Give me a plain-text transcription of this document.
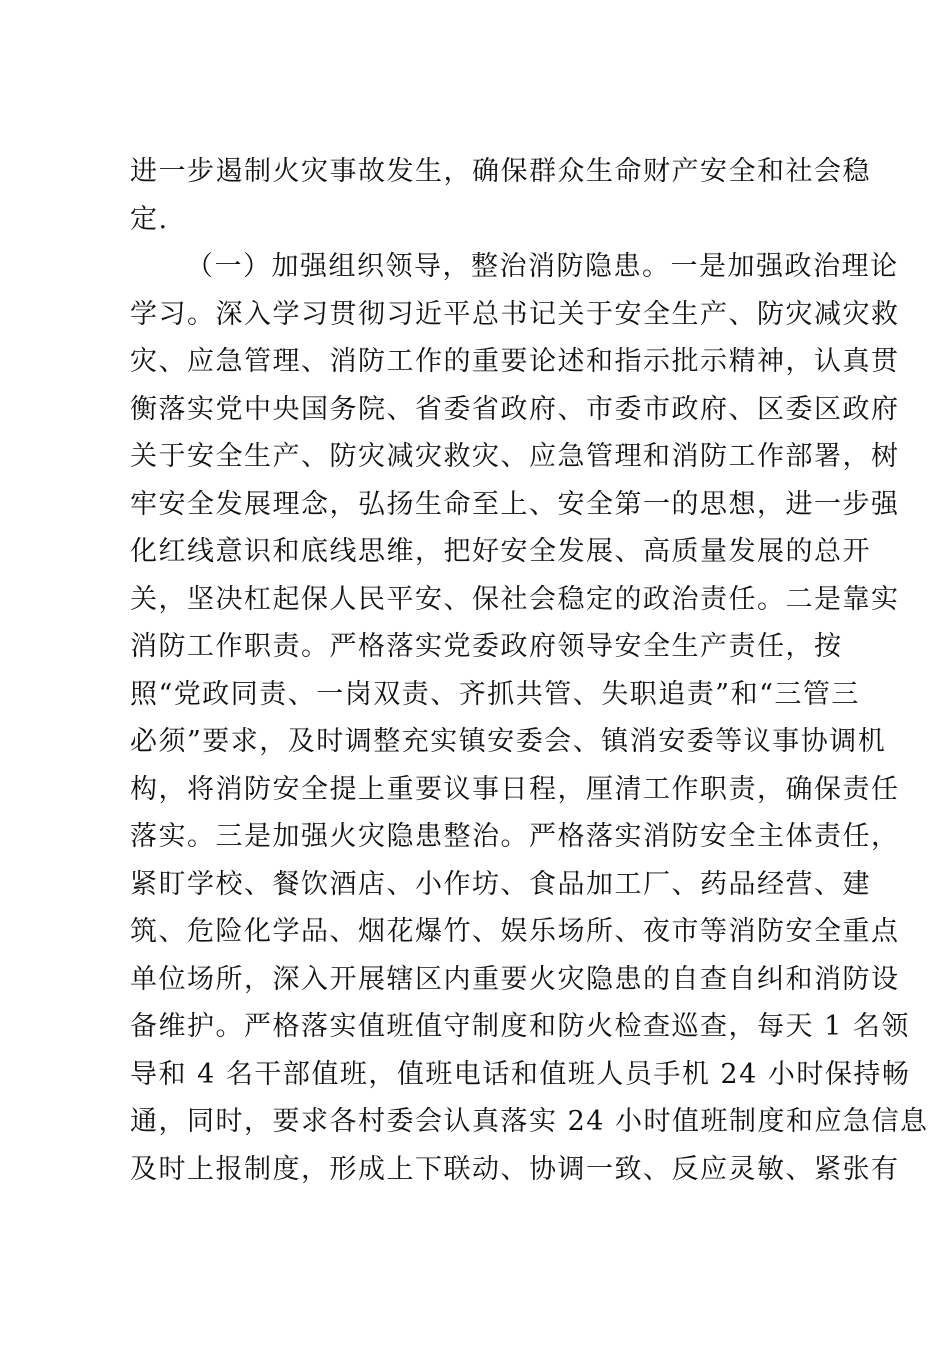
进一步遏制火灾事故发生，确保群众生命财产安全和社会稳
定.
（一）加强组织领导，整治消防隐患。一是加强政治理论
学习。深入学习贯彻习近平总书记关于安全生产、防灾减灾救
灾、应急管理、消防工作的重要论述和指示批示精神，认真贯
衡落实党中央国务院、省委省政府、市委市政府、区委区政府
关于安全生产、防灾减灾救灾、应急管理和消防工作部署，树
牢安全发展理念，弘扬生命至上、安全第一的思想，进一步强
化红线意识和底线思维，把好安全发展、高质量发展的总开
关，坚决杠起保人民平安、保社会稳定的政治责任。二是靠实
消防工作职责。严格落实党委政府领导安全生产责任，按
照“党政同责、一岗双责、齐抓共管、失职追责”和“三管三
必须”要求，及时调整充实镇安委会、镇消安委等议事协调机
构，将消防安全提上重要议事日程，厘清工作职责，确保责任
落实。三是加强火灾隐患整治。严格落实消防安全主体责任，
紧盯学校、餐饮酒店、小作坊、食品加工厂、药品经营、建
筑、危险化学品、烟花爆竹、娱乐场所、夜市等消防安全重点
单位场所，深入开展辖区内重要火灾隐患的自查自纠和消防设
备维护。严格落实值班值守制度和防火检查巡查，每天 1 名领
导和 4 名干部值班，值班电话和值班人员手机 24 小时保持畅
通，同时，要求各村委会认真落实 24 小时值班制度和应急信息
及时上报制度，形成上下联动、协调一致、反应灵敏、紧张有
